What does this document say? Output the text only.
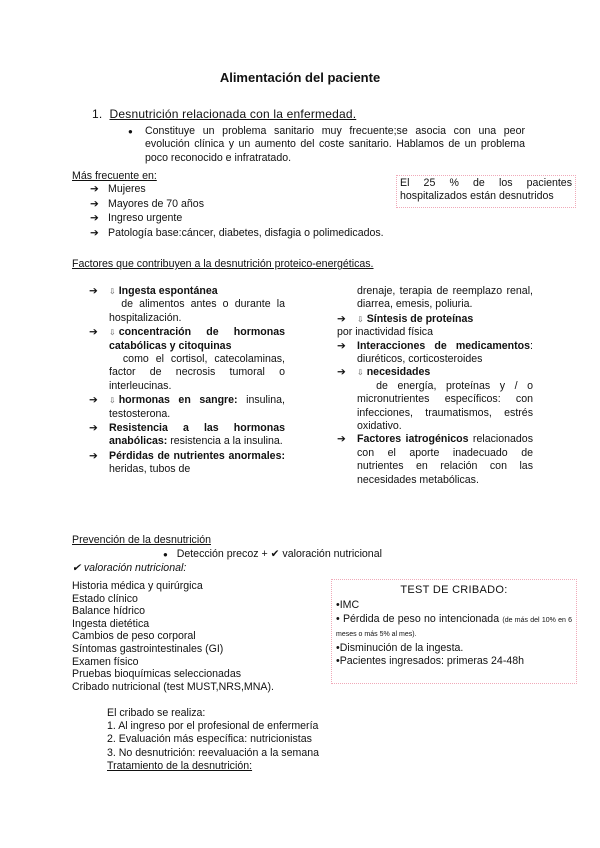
Alimentación del paciente
1. Desnutrición relacionada con la enfermedad.
● Constituye un problema sanitario muy frecuente;se asocia con una peor evolución clínica y un aumento del coste sanitario. Hablamos de un problema poco reconocido e infratratado.
Más frecuente en:
➔ Mujeres
➔ Mayores de 70 años
➔ Ingreso urgente
➔ Patología base:cáncer, diabetes, disfagia o polimedicados.
El 25 % de los pacientes
hospitalizados están desnutridos
Factores que contribuyen a la desnutrición proteico-energéticas.
➔ ⇩ Ingesta espontánea
de alimentos antes o durante la hospitalización.
➔ ⇩ concentración de hormonas catabólicas y citoquinas
como el cortisol, catecolaminas, factor de necrosis tumoral o interleucinas.
➔ ⇩ hormonas en sangre: insulina, testosterona.
➔ Resistencia a las hormonas anabólicas: resistencia a la insulina.
➔ Pérdidas de nutrientes anormales: heridas, tubos de
drenaje, terapia de reemplazo renal, diarrea, emesis, poliuria.
➔ ⇩ Síntesis de proteínas
por inactividad física
➔ Interacciones de medicamentos: diuréticos, corticosteroides
➔ ⇩ necesidades
de energía, proteínas y / o micronutrientes específicos: con infecciones, traumatismos, estrés oxidativo.
➔ Factores iatrogénicos relacionados con el aporte inadecuado de nutrientes en relación con las necesidades metabólicas.
Prevención de la desnutrición
● Detección precoz + ✔ valoración nutricional
✔ valoración nutricional:
Historia médica y quirúrgica
Estado clínico
Balance hídrico
Ingesta dietética
Cambios de peso corporal
Síntomas gastrointestinales (GI)
Examen físico
Pruebas bioquímicas seleccionadas
Cribado nutricional (test MUST,NRS,MNA).
TEST DE CRIBADO:
•IMC
• Pérdida de peso no intencionada (de más del 10% en 6 meses o más 5% al mes).
•Disminución de la ingesta.
•Pacientes ingresados: primeras 24-48h
El cribado se realiza:
1. Al ingreso por el profesional de enfermería
2. Evaluación más específica: nutricionistas
3. No desnutrición: reevaluación a la semana
Tratamiento de la desnutrición:
